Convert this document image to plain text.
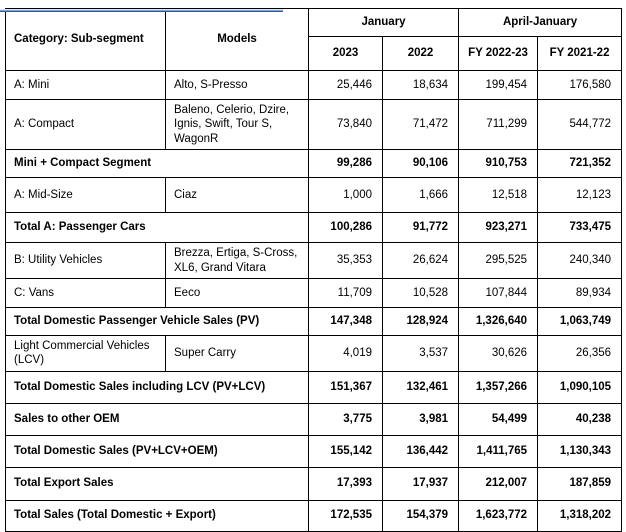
Category: Sub-segment	Models	January		April-January	
		2023	2022	FY 2022-23	FY 2021-22
A: Mini	Alto, S-Presso	25,446	18,634	199,454	176,580
A: Compact	Baleno, Celerio, Dzire, Ignis, Swift, Tour S, WagonR	73,840	71,472	711,299	544,772
Mini + Compact Segment		99,286	90,106	910,753	721,352
A: Mid-Size	Ciaz	1,000	1,666	12,518	12,123
Total A: Passenger Cars		100,286	91,772	923,271	733,475
B: Utility Vehicles	Brezza, Ertiga, S-Cross, XL6, Grand Vitara	35,353	26,624	295,525	240,340
C: Vans	Eeco	11,709	10,528	107,844	89,934
Total Domestic Passenger Vehicle Sales (PV)		147,348	128,924	1,326,640	1,063,749
Light Commercial Vehicles (LCV)	Super Carry	4,019	3,537	30,626	26,356
Total Domestic Sales including LCV (PV+LCV)		151,367	132,461	1,357,266	1,090,105
Sales to other OEM		3,775	3,981	54,499	40,238
Total Domestic Sales (PV+LCV+OEM)		155,142	136,442	1,411,765	1,130,343
Total Export Sales		17,393	17,937	212,007	187,859
Total Sales (Total Domestic + Export)		172,535	154,379	1,623,772	1,318,202
